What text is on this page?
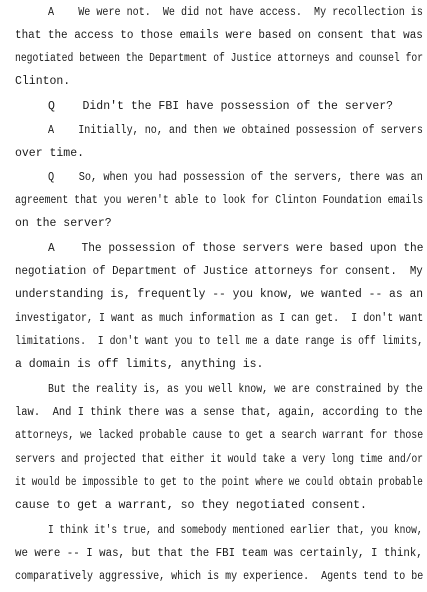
A    We were not.  We did not have access.  My recollection is
that the access to those emails were based on consent that was
negotiated between the Department of Justice attorneys and counsel for
Clinton.
Q    Didn't the FBI have possession of the server?
A    Initially, no, and then we obtained possession of servers
over time.
Q    So, when you had possession of the servers, there was an
agreement that you weren't able to look for Clinton Foundation emails
on the server?
A    The possession of those servers were based upon the
negotiation of Department of Justice attorneys for consent.  My
understanding is, frequently -- you know, we wanted -- as an
investigator, I want as much information as I can get.  I don't want
limitations.  I don't want you to tell me a date range is off limits,
a domain is off limits, anything is.
But the reality is, as you well know, we are constrained by the
law.  And I think there was a sense that, again, according to the
attorneys, we lacked probable cause to get a search warrant for those
servers and projected that either it would take a very long time and/or
it would be impossible to get to the point where we could obtain probable
cause to get a warrant, so they negotiated consent.
I think it's true, and somebody mentioned earlier that, you know,
we were -- I was, but that the FBI team was certainly, I think,
comparatively aggressive, which is my experience.  Agents tend to be
